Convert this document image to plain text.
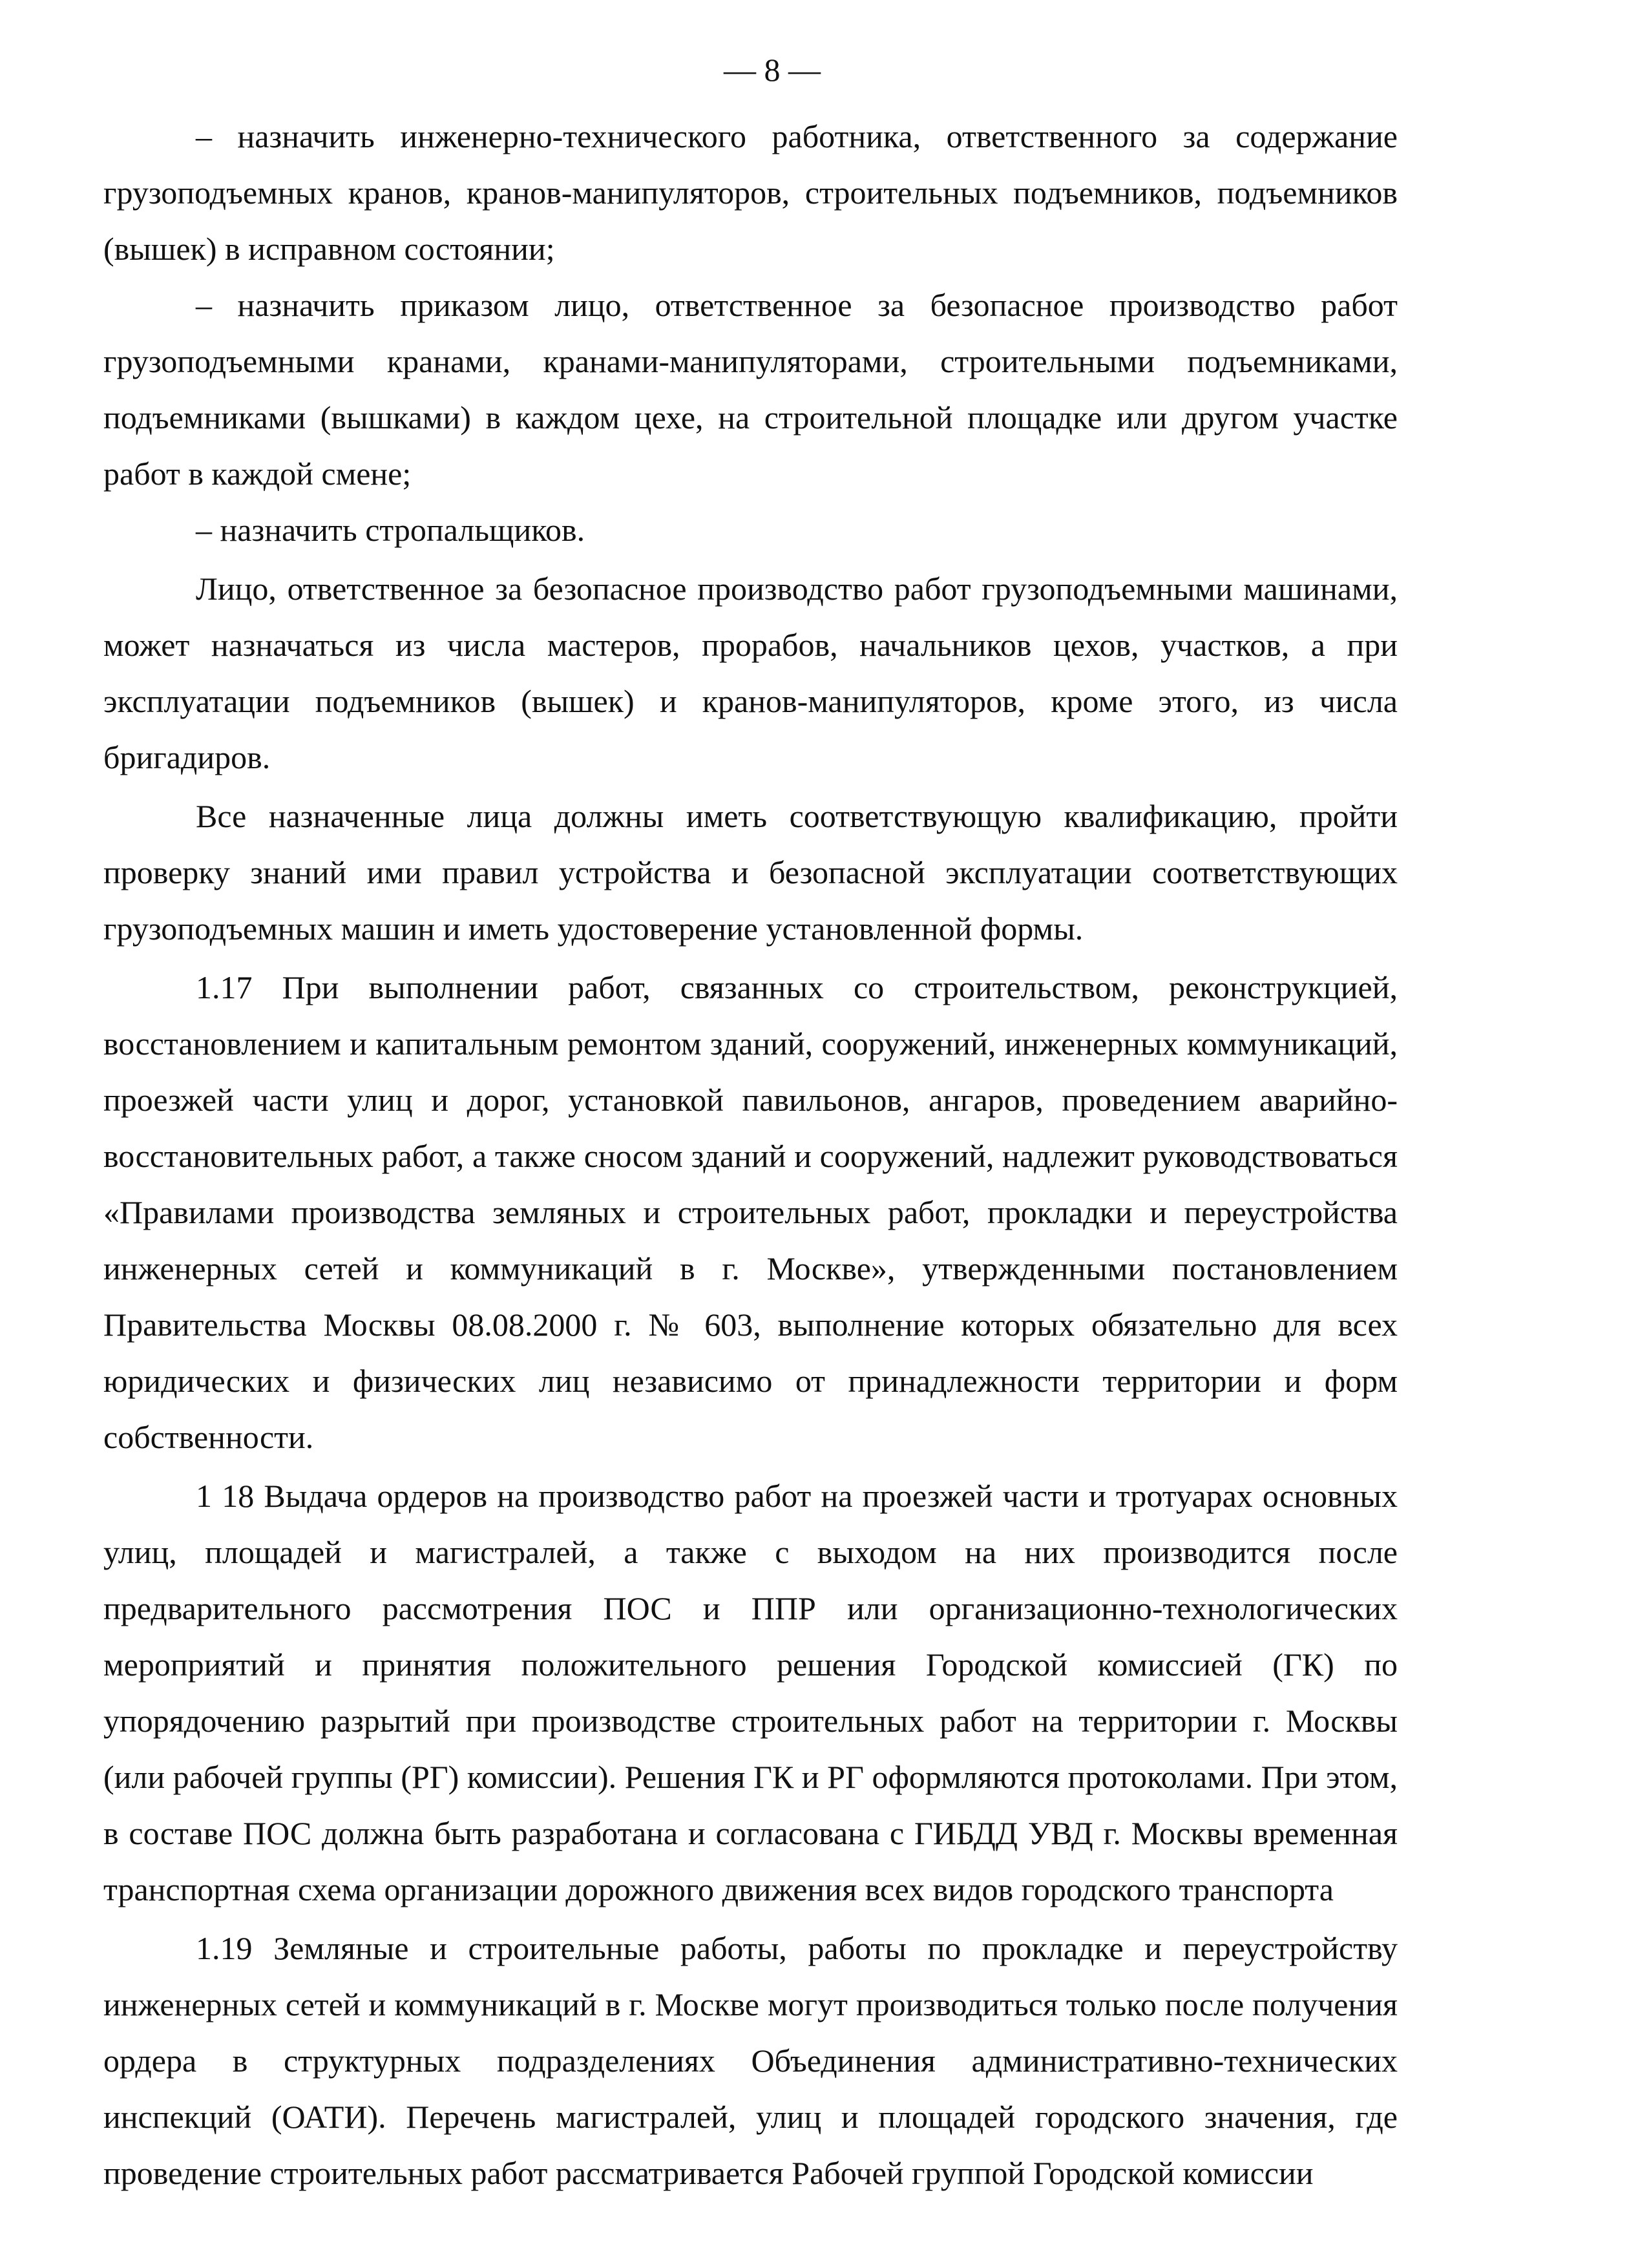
— 8 —

– назначить инженерно-технического работника, ответственного за содержание грузоподъемных кранов, кранов-манипуляторов, строительных подъемников, подъемников (вышек) в исправном состоянии;

– назначить приказом лицо, ответственное за безопасное производство работ грузоподъемными кранами, кранами-манипуляторами, строительными подъемниками, подъемниками (вышками) в каждом цехе, на строительной площадке или другом участке работ в каждой смене;

– назначить стропальщиков.

Лицо, ответственное за безопасное производство работ грузоподъемными машинами, может назначаться из числа мастеров, прорабов, начальников цехов, участков, а при эксплуатации подъемников (вышек) и кранов-манипуляторов, кроме этого, из числа бригадиров.

Все назначенные лица должны иметь соответствующую квалификацию, пройти проверку знаний ими правил устройства и безопасной эксплуатации соответствующих грузоподъемных машин и иметь удостоверение установленной формы.

1.17 При выполнении работ, связанных со строительством, реконструкцией, восстановлением и капитальным ремонтом зданий, сооружений, инженерных коммуникаций, проезжей части улиц и дорог, установкой павильонов, ангаров, проведением аварийно-восстановительных работ, а также сносом зданий и сооружений, надлежит руководствоваться «Правилами производства земляных и строительных работ, прокладки и переустройства инженерных сетей и коммуникаций в г. Москве», утвержденными постановлением Правительства Москвы 08.08.2000 г. № 603, выполнение которых обязательно для всех юридических и физических лиц независимо от принадлежности территории и форм собственности.

1 18 Выдача ордеров на производство работ на проезжей части и тротуарах основных улиц, площадей и магистралей, а также с выходом на них производится после предварительного рассмотрения ПОС и ППР или организационно-технологических мероприятий и принятия положительного решения Городской комиссией (ГК) по упорядочению разрытий при производстве строительных работ на территории г. Москвы (или рабочей группы (РГ) комиссии). Решения ГК и РГ оформляются протоколами. При этом, в составе ПОС должна быть разработана и согласована с ГИБДД УВД г. Москвы временная транспортная схема организации дорожного движения всех видов городского транспорта

1.19 Земляные и строительные работы, работы по прокладке и переустройству инженерных сетей и коммуникаций в г. Москве могут производиться только после получения ордера в структурных подразделениях Объединения административно-технических инспекций (ОАТИ). Перечень магистралей, улиц и площадей городского значения, где проведение строительных работ рассматривается Рабочей группой Городской комиссии
